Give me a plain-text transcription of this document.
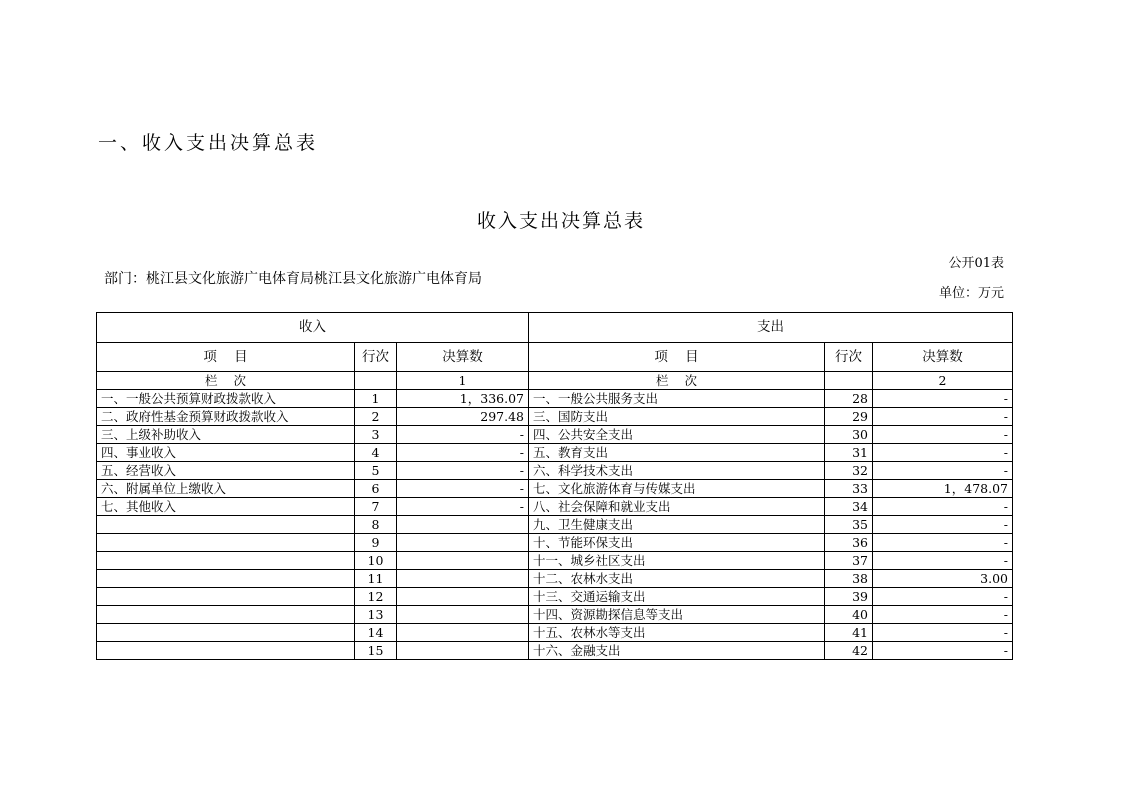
一、收入支出决算总表
收入支出决算总表
公开01表
部门：桃江县文化旅游广电体育局桃江县文化旅游广电体育局
单位：万元
收入			支出		
项    目	行次	决算数	项    目	行次	决算数
栏    次		1	栏    次		2
一、一般公共预算财政拨款收入	1	1，336.07	一、一般公共服务支出	28	-
二、政府性基金预算财政拨款收入	2	297.48	三、国防支出	29	-
三、上级补助收入	3	-	四、公共安全支出	30	-
四、事业收入	4	-	五、教育支出	31	-
五、经营收入	5	-	六、科学技术支出	32	-
六、附属单位上缴收入	6	-	七、文化旅游体育与传媒支出	33	1，478.07
七、其他收入	7	-	八、社会保障和就业支出	34	-
	8		九、卫生健康支出	35	-
	9		十、节能环保支出	36	-
	10		十一、城乡社区支出	37	-
	11		十二、农林水支出	38	3.00
	12		十三、交通运输支出	39	-
	13		十四、资源勘探信息等支出	40	-
	14		十五、农林水等支出	41	-
	15		十六、金融支出	42	-
